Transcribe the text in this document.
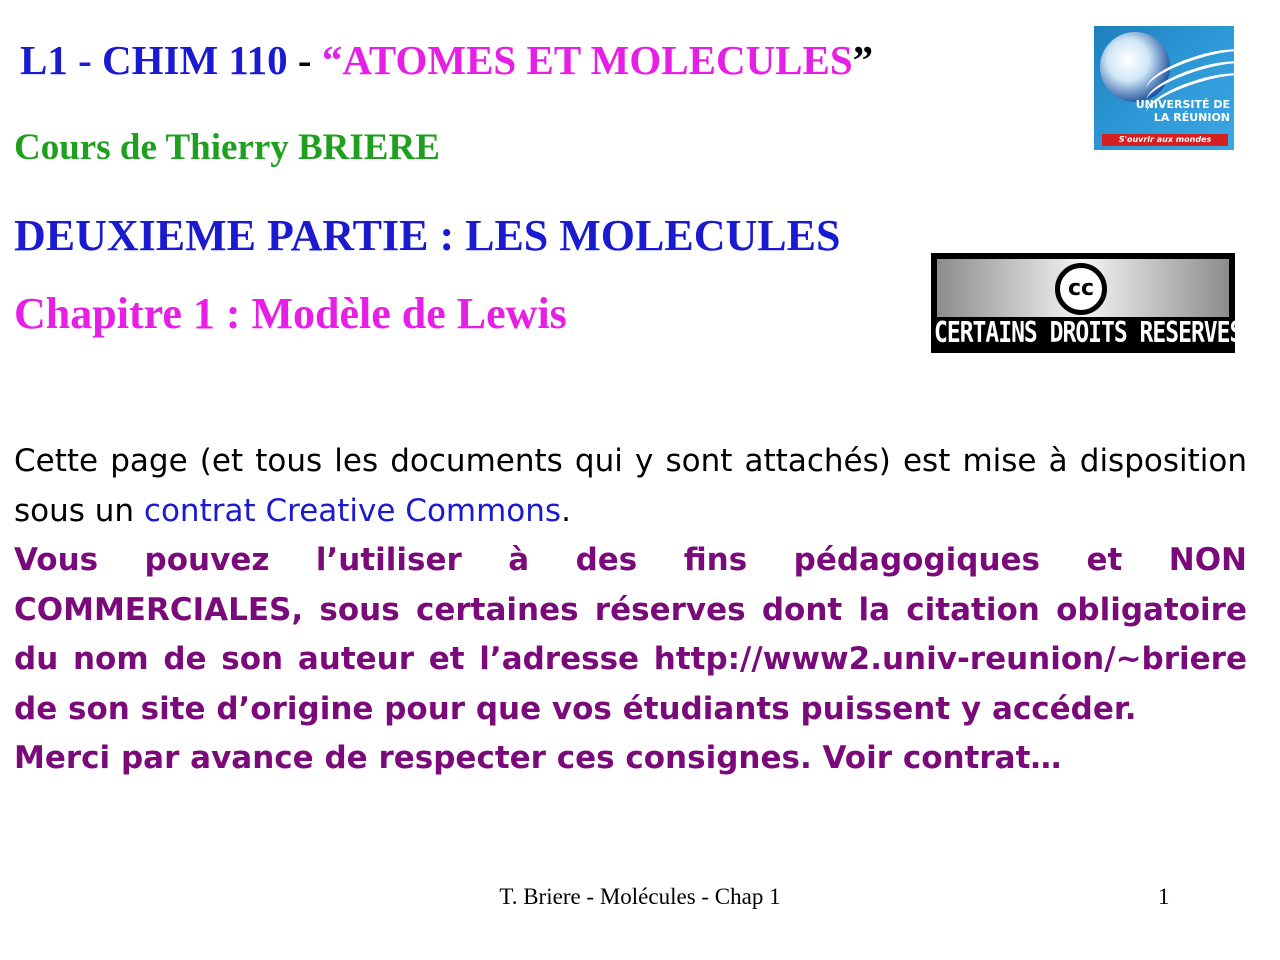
L1 - CHIM 110 - “ATOMES ET MOLECULES”
Cours de Thierry BRIERE
DEUXIEME PARTIE : LES MOLECULES
Chapitre 1 : Modèle de Lewis
UNIVERSITÉ DE
LA RÉUNION
S'ouvrir aux mondes
cc
CERTAINS DROITS RESERVES

Cette page (et tous les documents qui y sont attachés) est mise à disposition sous un contrat Creative Commons.

Vous pouvez l’utiliser à des fins pédagogiques et NON COMMERCIALES, sous certaines réserves dont la citation obligatoire du nom de son auteur et l’adresse http://www2.univ-reunion/~briere de son site d’origine pour que vos étudiants puissent y accéder.

Merci par avance de respecter ces consignes. Voir contrat…

T. Briere - Molécules - Chap 1	1
